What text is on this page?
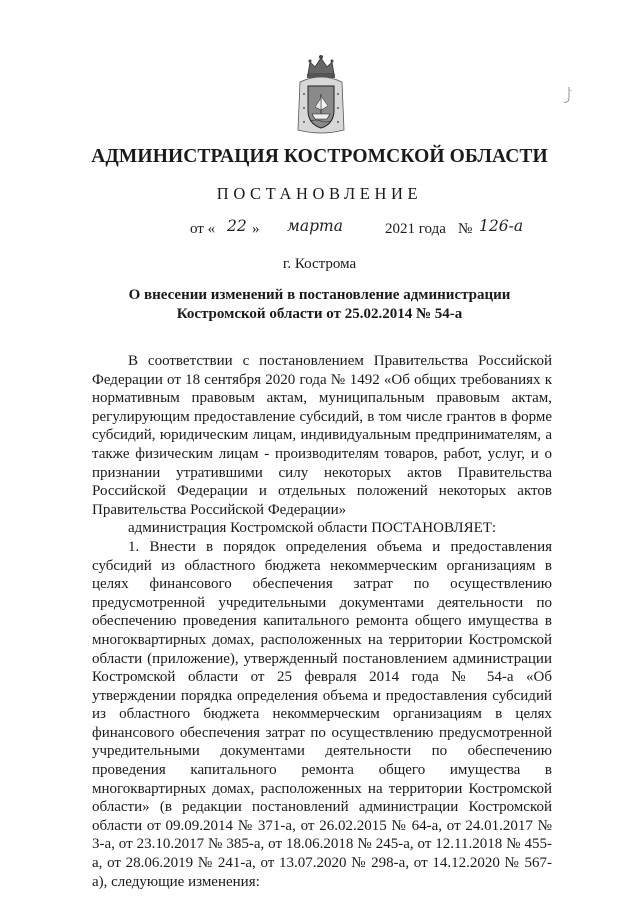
АДМИНИСТРАЦИЯ КОСТРОМСКОЙ ОБЛАСТИ
ПОСТАНОВЛЕНИЕ
от « 22 » марта	2021 года № 126-а
г. Кострома
О внесении изменений в постановление администрации
Костромской области от 25.02.2014 № 54-а

В соответствии с постановлением Правительства Российской Федерации от 18 сентября 2020 года № 1492 «Об общих требованиях к нормативным правовым актам, муниципальным правовым актам, регулирующим предоставление субсидий, в том числе грантов в форме субсидий, юридическим лицам, индивидуальным предпринимателям, а также физическим лицам - производителям товаров, работ, услуг, и о признании утратившими силу некоторых актов Правительства Российской Федерации и отдельных положений некоторых актов Правительства Российской Федерации»

администрация Костромской области ПОСТАНОВЛЯЕТ:

1. Внести в порядок определения объема и предоставления субсидий из областного бюджета некоммерческим организациям в целях финансового обеспечения затрат по осуществлению предусмотренной учредительными документами деятельности по обеспечению проведения капитального ремонта общего имущества в многоквартирных домах, расположенных на территории Костромской области (приложение), утвержденный постановлением администрации Костромской области от 25 февраля 2014 года № 54-а «Об утверждении порядка определения объема и предоставления субсидий из областного бюджета некоммерческим организациям в целях финансового обеспечения затрат по осуществлению предусмотренной учредительными документами деятельности по обеспечению проведения капитального ремонта общего имущества в многоквартирных домах, расположенных на территории Костромской области» (в редакции постановлений администрации Костромской области от 09.09.2014 № 371-а, от 26.02.2015 № 64-а, от 24.01.2017 № 3-а, от 23.10.2017 № 385-а, от 18.06.2018 № 245-а, от 12.11.2018 № 455-а, от 28.06.2019 № 241-а, от 13.07.2020 № 298-а, от 14.12.2020 № 567-а), следующие изменения:
